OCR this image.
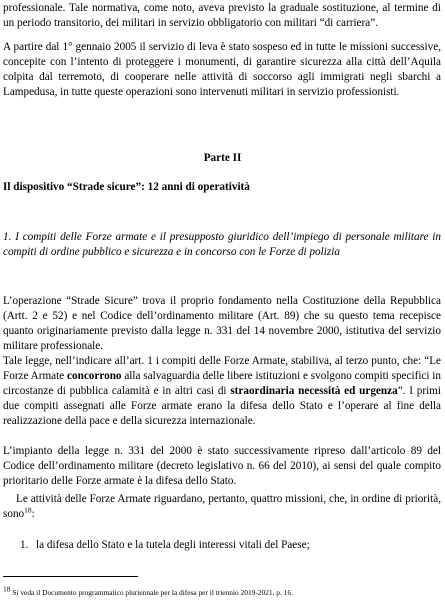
professionale. Tale normativa, come noto, aveva previsto la graduale sostituzione, al termine di un periodo transitorio, dei militari in servizio obbligatorio con militari “di carriera”.

A partire dal 1° gennaio 2005 il servizio di leva è stato sospeso ed in tutte le missioni successive, concepite con l’intento di proteggere i monumenti, di garantire sicurezza alla città dell’Aquila colpita dal terremoto, di cooperare nelle attività di soccorso agli immigrati negli sbarchi a Lampedusa, in tutte queste operazioni sono intervenuti militari in servizio professionisti.

Parte II

Il dispositivo “Strade sicure”: 12 anni di operatività

1. I compiti delle Forze armate e il presupposto giuridico dell’impiego di personale militare in compiti di ordine pubblico e sicurezza e in concorso con le Forze di polizia

L’operazione “Strade Sicure” trova il proprio fondamento nella Costituzione della Repubblica (Artt. 2 e 52) e nel Codice dell’ordinamento militare (Art. 89) che su questo tema recepisce quanto originariamente previsto dalla legge n. 331 del 14 novembre 2000, istitutiva del servizio militare professionale.

Tale legge, nell’indicare all’art. 1 i compiti delle Forze Armate, stabiliva, al terzo punto, che: “Le Forze Armate concorrono alla salvaguardia delle libere istituzioni e svolgono compiti specifici in circostanze di pubblica calamità e in altri casi di straordinaria necessità ed urgenza”. I primi due compiti assegnati alle Forze armate erano la difesa dello Stato e l’operare al fine della realizzazione della pace e della sicurezza internazionale.

L’impianto della legge n. 331 del 2000 è stato successivamente ripreso dall’articolo 89 del Codice dell’ordinamento militare (decreto legislativo n. 66 del 2010), ai sensi del quale compito prioritario delle Forze armate è la difesa dello Stato.

Le attività delle Forze Armate riguardano, pertanto, quattro missioni, che, in ordine di priorità, sono$^{18}$:

1. la difesa dello Stato e la tutela degli interessi vitali del Paese;
$^{18}$ Si veda il Documento programmatico pluriennale per la difesa per il triennio 2019-2021, p. 16.
